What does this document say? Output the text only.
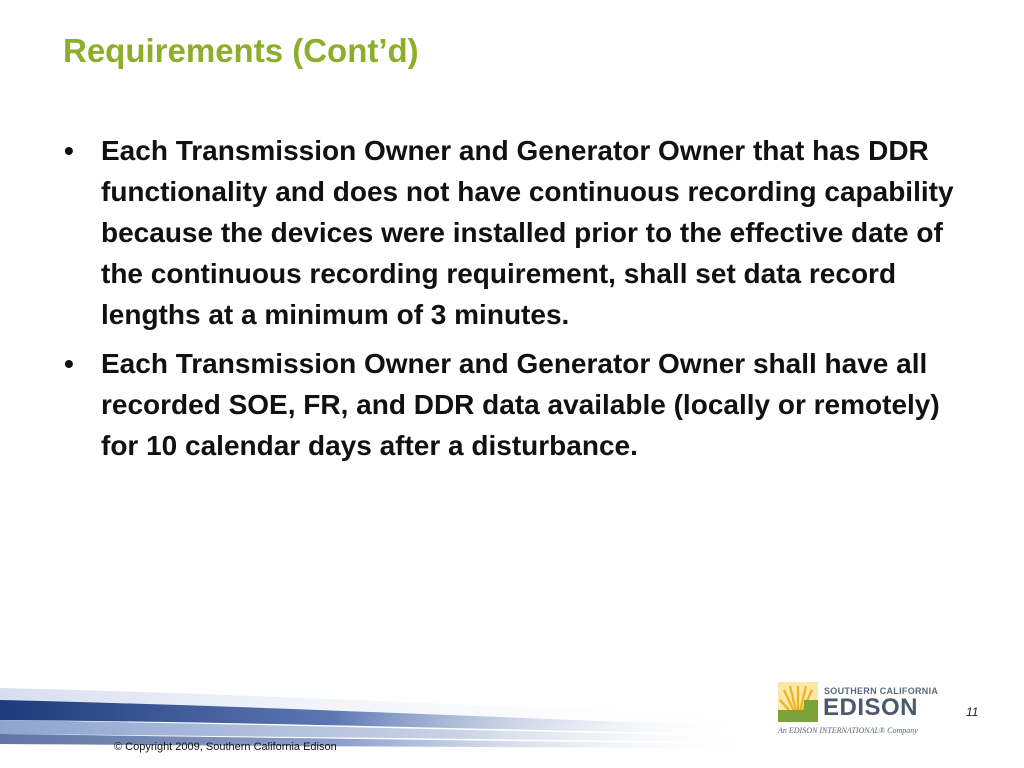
Requirements (Cont’d)
• Each Transmission Owner and Generator Owner that has DDR functionality and does not have continuous recording capability because the devices were installed prior to the effective date of the continuous recording requirement, shall set data record lengths at a minimum of 3 minutes.
• Each Transmission Owner and Generator Owner shall have all recorded SOE, FR, and DDR data available (locally or remotely) for 10 calendar days after a disturbance.
SOUTHERN CALIFORNIA
EDISON
An EDISON INTERNATIONAL® Company
11
© Copyright 2009, Southern California Edison
